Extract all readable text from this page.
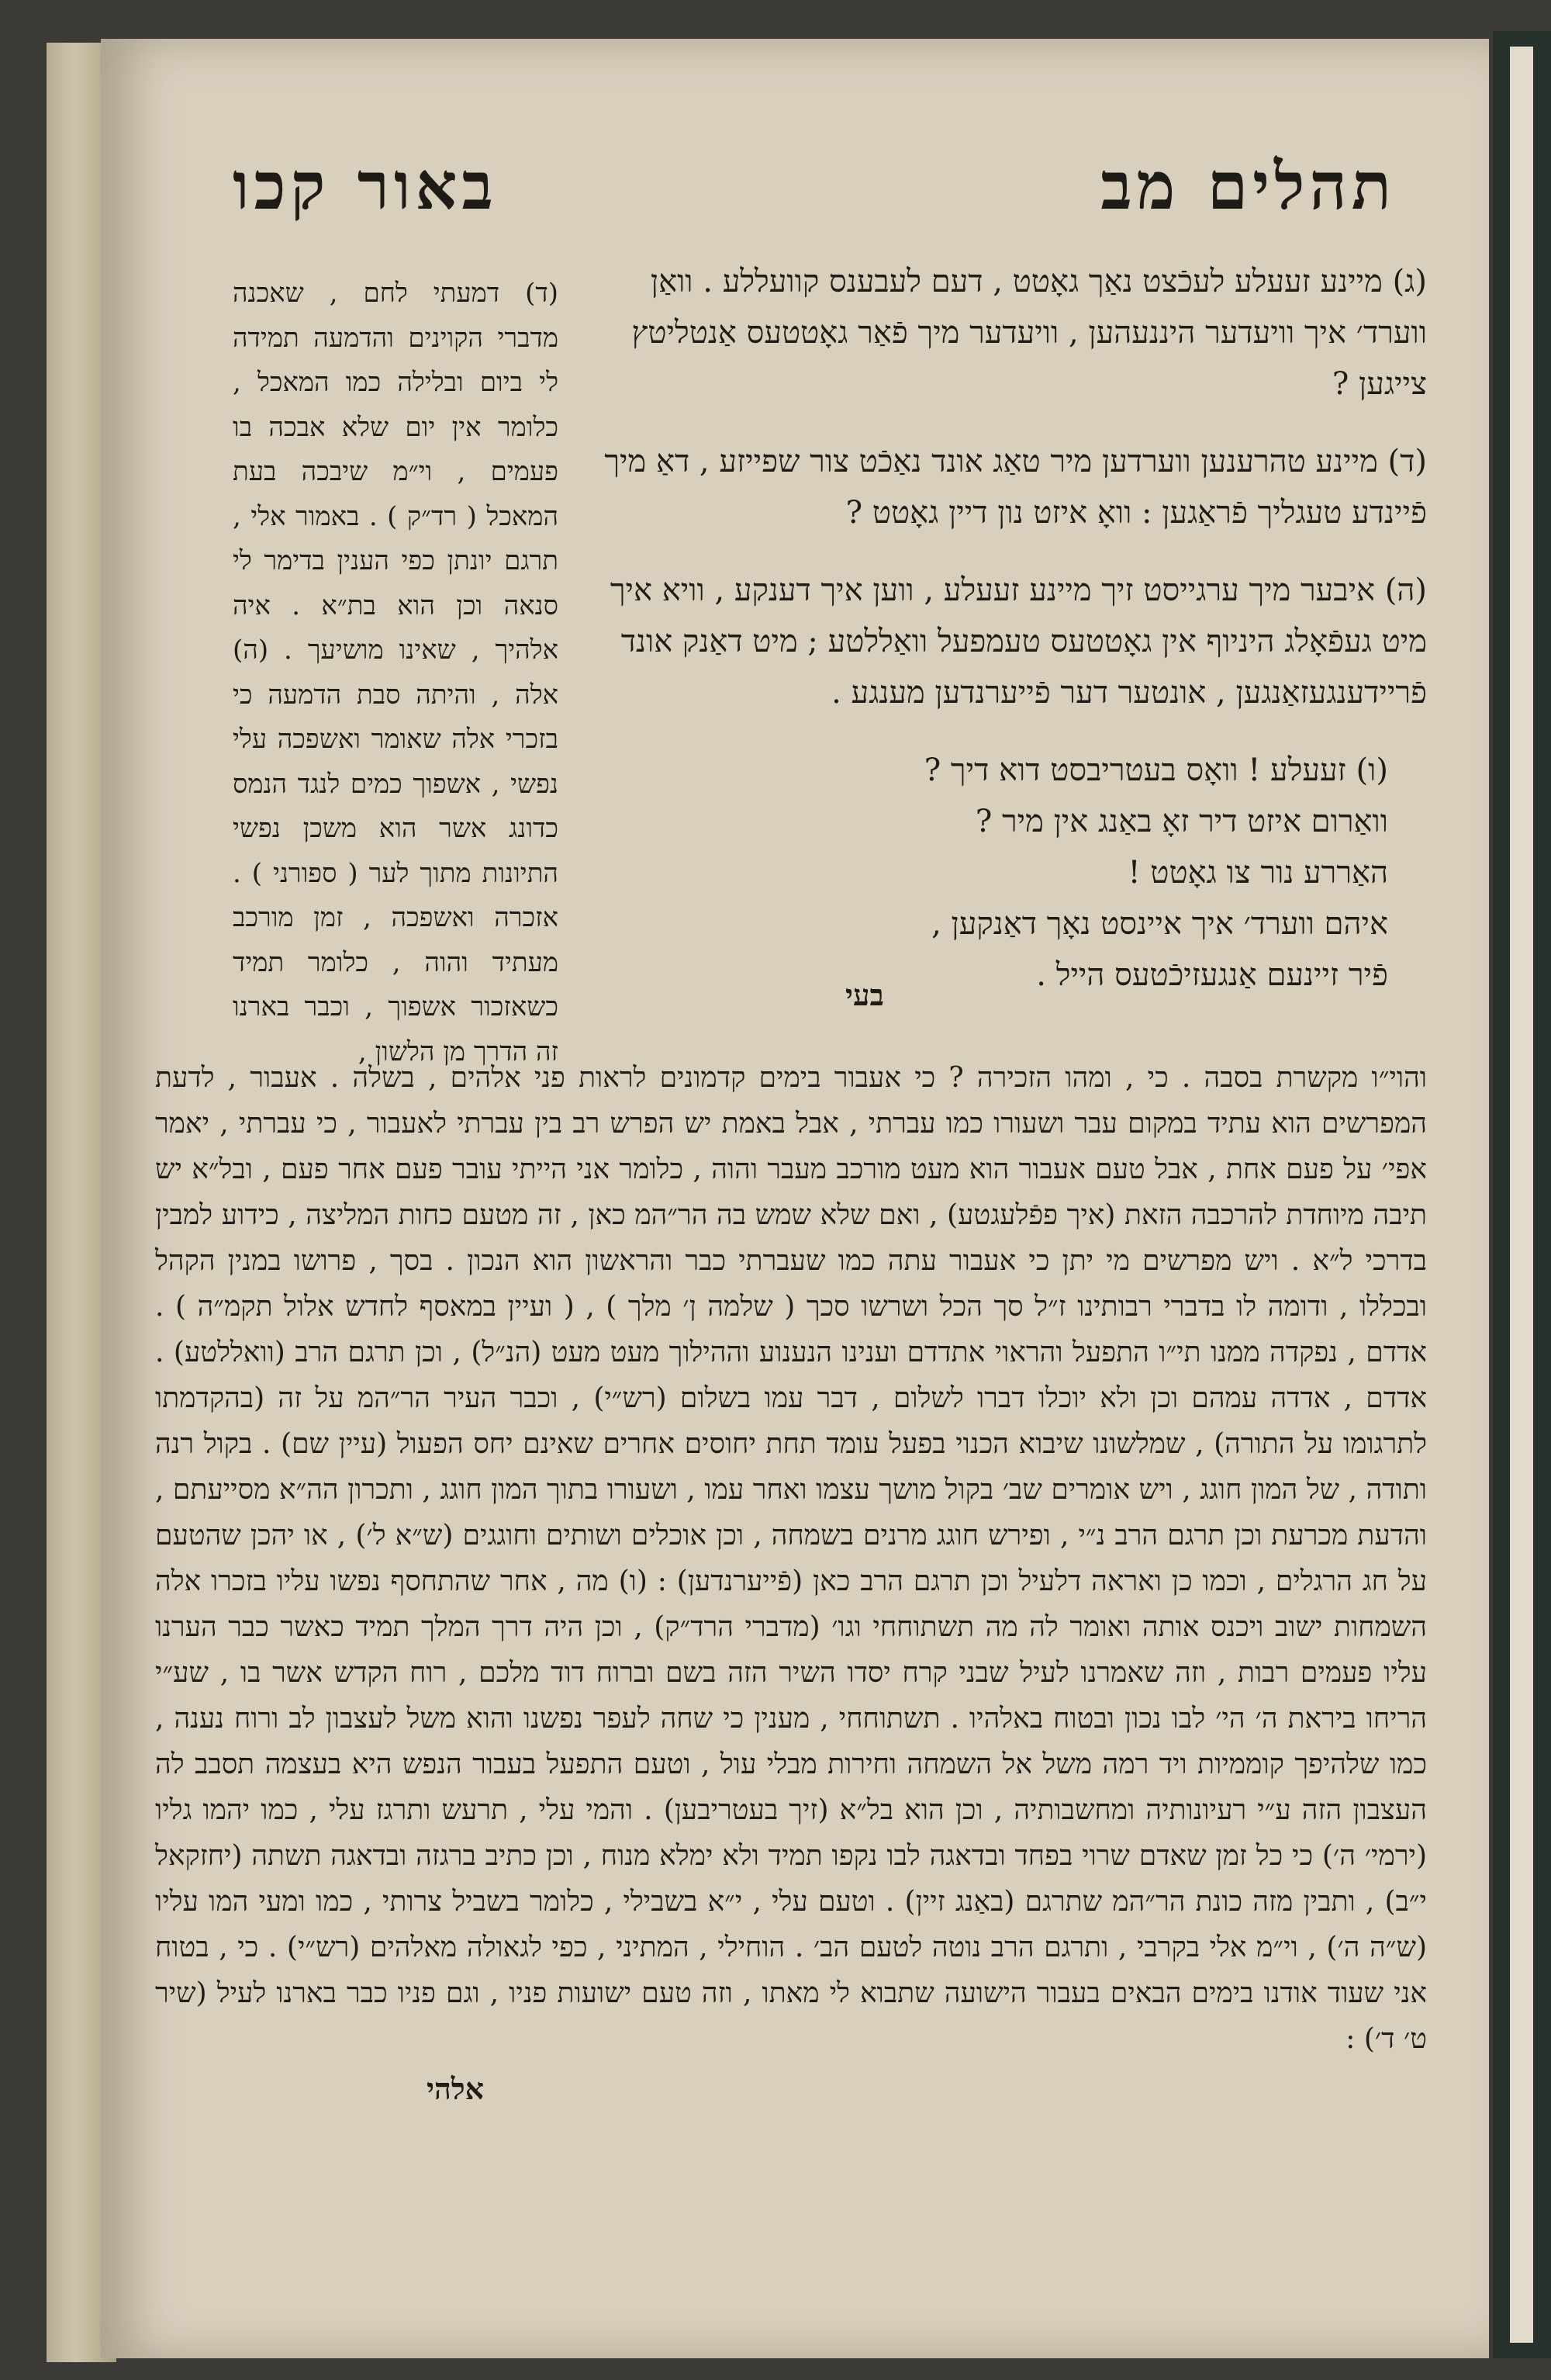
תהלים מב
באור קכו

(ג) מיינע זעעלע לעכֿצט נאַך גאָטט , דעם לעבענס קוועללע . וואַן ווערד׳ איך וויעדער היננעהען , וויעדער מיך פֿאַר גאָטטעס אַנטליטץ צייגען ?

(ד) מיינע טהרענען ווערדען מיר טאַג אונד נאַכֿט צור שפייזע , דאַ מיך פֿיינדע טעגליך פֿראַגען : וואָ איזט נון דיין גאָטט ?

(ה) איבער מיך ערגייסט זיך מיינע זעעלע , ווען איך דענקע , וויא איך מיט געפֿאָלג היניוף אין גאָטטעס טעמפעל וואַללטע ; מיט דאַנק אונד פֿריידענגעזאַנגען , אונטער דער פֿייערנדען מענגע .

(ו) זעעלע ! וואָס בעטריבסט דוא דיך ?
וואַרום איזט דיר זאָ באַנג אין מיר ?
האַררע נור צו גאָטט !
איהם ווערד׳ איך איינסט נאָך דאַנקען ,
פֿיר זיינעם אַנגעזיכֿטעס הייל .
(ד) דמעתי לחם , שאכנה מדברי הקוינים והדמעה תמידה לי ביום ובלילה כמו המאכל , כלומר אין יום שלא אבכה בו פעמים , וי״מ שיבכה בעת המאכל ( רד״ק ) . באמור אלי , תרגם יונתן כפי הענין בדימר לי סנאה וכן הוא בת״א . איה אלהיך , שאינו מושיעך . (ה) אלה , והיתה סבת הדמעה כי בזכרי אלה שאומר ואשפכה עלי נפשי , אשפוך כמים לנגד הנמס כדונג אשר הוא משכן נפשי התיונות מתוך לער ( ספורני ) . אזכרה ואשפכה , זמן מורכב מעתיד והוה , כלומר תמיד כשאזכור אשפוך , וכבר בארנו זה הדרך מן הלשון ,
בעי
והוי״ו מקשרת בסבה . כי , ומהו הזכירה ? כי אעבור בימים קדמונים לראות פני אלהים , בשלה . אעבור , לדעת המפרשים הוא עתיד במקום עבר ושעורו כמו עברתי , אבל באמת יש הפרש רב בין עברתי לאעבור , כי עברתי , יאמר אפי׳ על פעם אחת , אבל טעם אעבור הוא מעט מורכב מעבר והוה , כלומר אני הייתי עובר פעם אחר פעם , ובל״א יש תיבה מיוחדת להרכבה הזאת (איך פפֿלעגטע) , ואם שלא שמש בה הר״המ כאן , זה מטעם כחות המליצה , כידוע למבין בדרכי ל״א . ויש מפרשים מי יתן כי אעבור עתה כמו שעברתי כבר והראשון הוא הנכון . בסך , פרושו במנין הקהל ובכללו , ודומה לו בדברי רבותינו ז״ל סך הכל ושרשו סכך ( שלמה ן׳ מלך ) , ( ועיין במאסף לחדש אלול תקמ״ה ) . אדדם , נפקדה ממנו תי״ו התפעל והראוי אתדדם וענינו הנענוע וההילוך מעט מעט (הנ״ל) , וכן תרגם הרב (וואללטע) . אדדם , אדדה עמהם וכן ולא יוכלו דברו לשלום , דבר עמו בשלום (רש״י) , וכבר העיר הר״המ על זה (בהקדמתו לתרגומו על התורה) , שמלשונו שיבוא הכנוי בפעל עומד תחת יחוסים אחרים שאינם יחס הפעול (עיין שם) . בקול רנה ותודה , של המון חוגג , ויש אומרים שב׳ בקול מושך עצמו ואחר עמו , ושעורו בתוך המון חוגג , ותכרון הה״א מסייעתם , והדעת מכרעת וכן תרגם הרב נ״י , ופירש חוגג מרנים בשמחה , וכן אוכלים ושותים וחוגגים (ש״א ל׳) , או יהכן שהטעם על חג הרגלים , וכמו כן ואראה דלעיל וכן תרגם הרב כאן (פֿייערנדען) : (ו) מה , אחר שהתחסף נפשו עליו בזכרו אלה השמחות ישוב ויכנס אותה ואומר לה מה תשתוחחי וגו׳ (מדברי הרד״ק) , וכן היה דרך המלך תמיד כאשר כבר הערנו עליו פעמים רבות , וזה שאמרנו לעיל שבני קרח יסדו השיר הזה בשם וברוח דוד מלכם , רוח הקדש אשר בו , שע״י הריחו ביראת ה׳ הי׳ לבו נכון ובטוח באלהיו . תשתוחחי , מענין כי שחה לעפר נפשנו והוא משל לעצבון לב ורוח נענה , כמו שלהיפך קוממיות ויד רמה משל אל השמחה וחירות מבלי עול , וטעם התפעל בעבור הנפש היא בעצמה תסבב לה העצבון הזה ע״י רעיונותיה ומחשבותיה , וכן הוא בל״א (זיך בעטריבען) . והמי עלי , תרעש ותרגז עלי , כמו יהמו גליו (ירמי׳ ה׳) כי כל זמן שאדם שרוי בפחד ובדאגה לבו נקפו תמיד ולא ימלא מנוח , וכן כתיב ברגזה ובדאגה תשתה (יחזקאל י״ב) , ותבין מזה כונת הר״המ שתרגם (באַנג זיין) . וטעם עלי , י״א בשבילי , כלומר בשביל צרותי , כמו ומעי המו עליו (ש״ה ה׳) , וי״מ אלי בקרבי , ותרגם הרב נוטה לטעם הב׳ . הוחילי , המתיני , כפי לגאולה מאלהים (רש״י) . כי , בטוח אני שעוד אודנו בימים הבאים בעבור הישועה שתבוא לי מאתו , וזה טעם ישועות פניו , וגם פניו כבר בארנו לעיל (שיר ט׳ ד׳) :
אלהי
